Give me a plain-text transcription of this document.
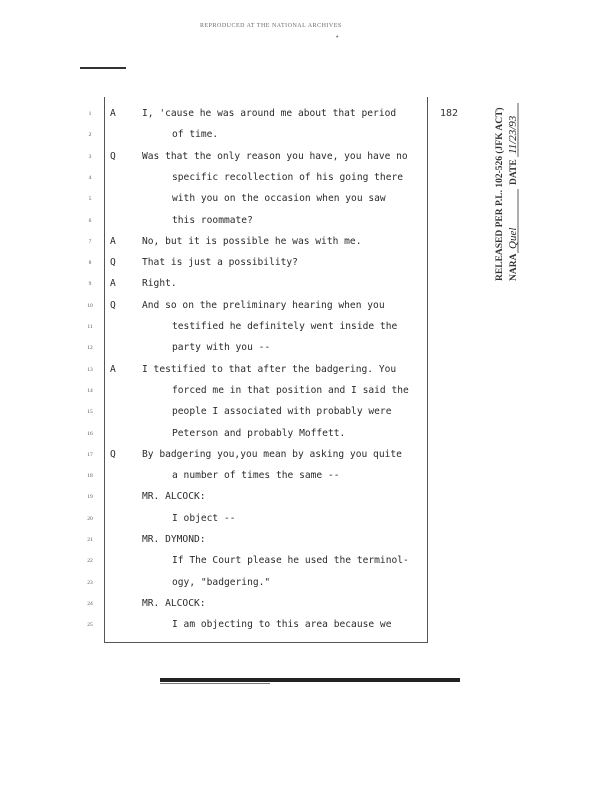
REPRODUCED AT THE NATIONAL ARCHIVES
•
182
1	A	I, 'cause he was around me about that period
2	of time.
3	Q	Was that the only reason you have, you have no
4	specific recollection of his going there
5	with you on the occasion when you saw
6	this roommate?
7	A	No, but it is possible he was with me.
8	Q	That is just a possibility?
9	A	Right.
10	Q	And so on the preliminary hearing when you
11	testified he definitely went inside the
12	party with you --
13	A	I testified to that after the badgering. You
14	forced me in that position and I said the
15	people I associated with probably were
16	Peterson and probably Moffett.
17	Q	By badgering you,you mean by asking you quite
18	a number of times the same --
19	MR. ALCOCK:
20	I object --
21	MR. DYMOND:
22	If The Court please he used the terminol-
23	ogy, "badgering."
24	MR. ALCOCK:
25	I am objecting to this area because we
RELEASED PER P.L. 102-526 (JFK ACT) NARA
Quel
DATE
11/23/93
